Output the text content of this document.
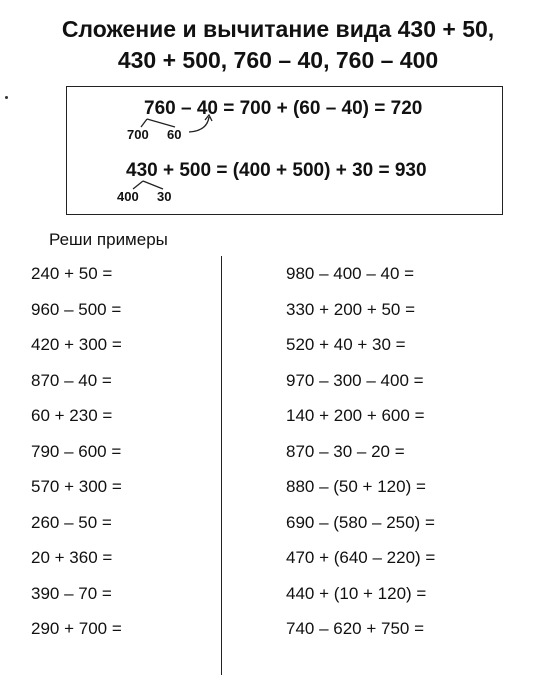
Сложение и вычитание вида 430 + 50,
430 + 500, 760 – 40, 760 – 400
760 – 40 = 700 + (60 – 40) = 720
700 60
430 + 500 = (400 + 500) + 30 = 930
400 30
Реши примеры
240 + 50 =
960 – 500 =
420 + 300 =
870 – 40 =
60 + 230 =
790 – 600 =
570 + 300 =
260 – 50 =
20 + 360 =
390 – 70 =
290 + 700 =
980 – 400 – 40 =
330 + 200 + 50 =
520 + 40 + 30 =
970 – 300 – 400 =
140 + 200 + 600 =
870 – 30 – 20 =
880 – (50 + 120) =
690 – (580 – 250) =
470 + (640 – 220) =
440 + (10 + 120) =
740 – 620 + 750 =
